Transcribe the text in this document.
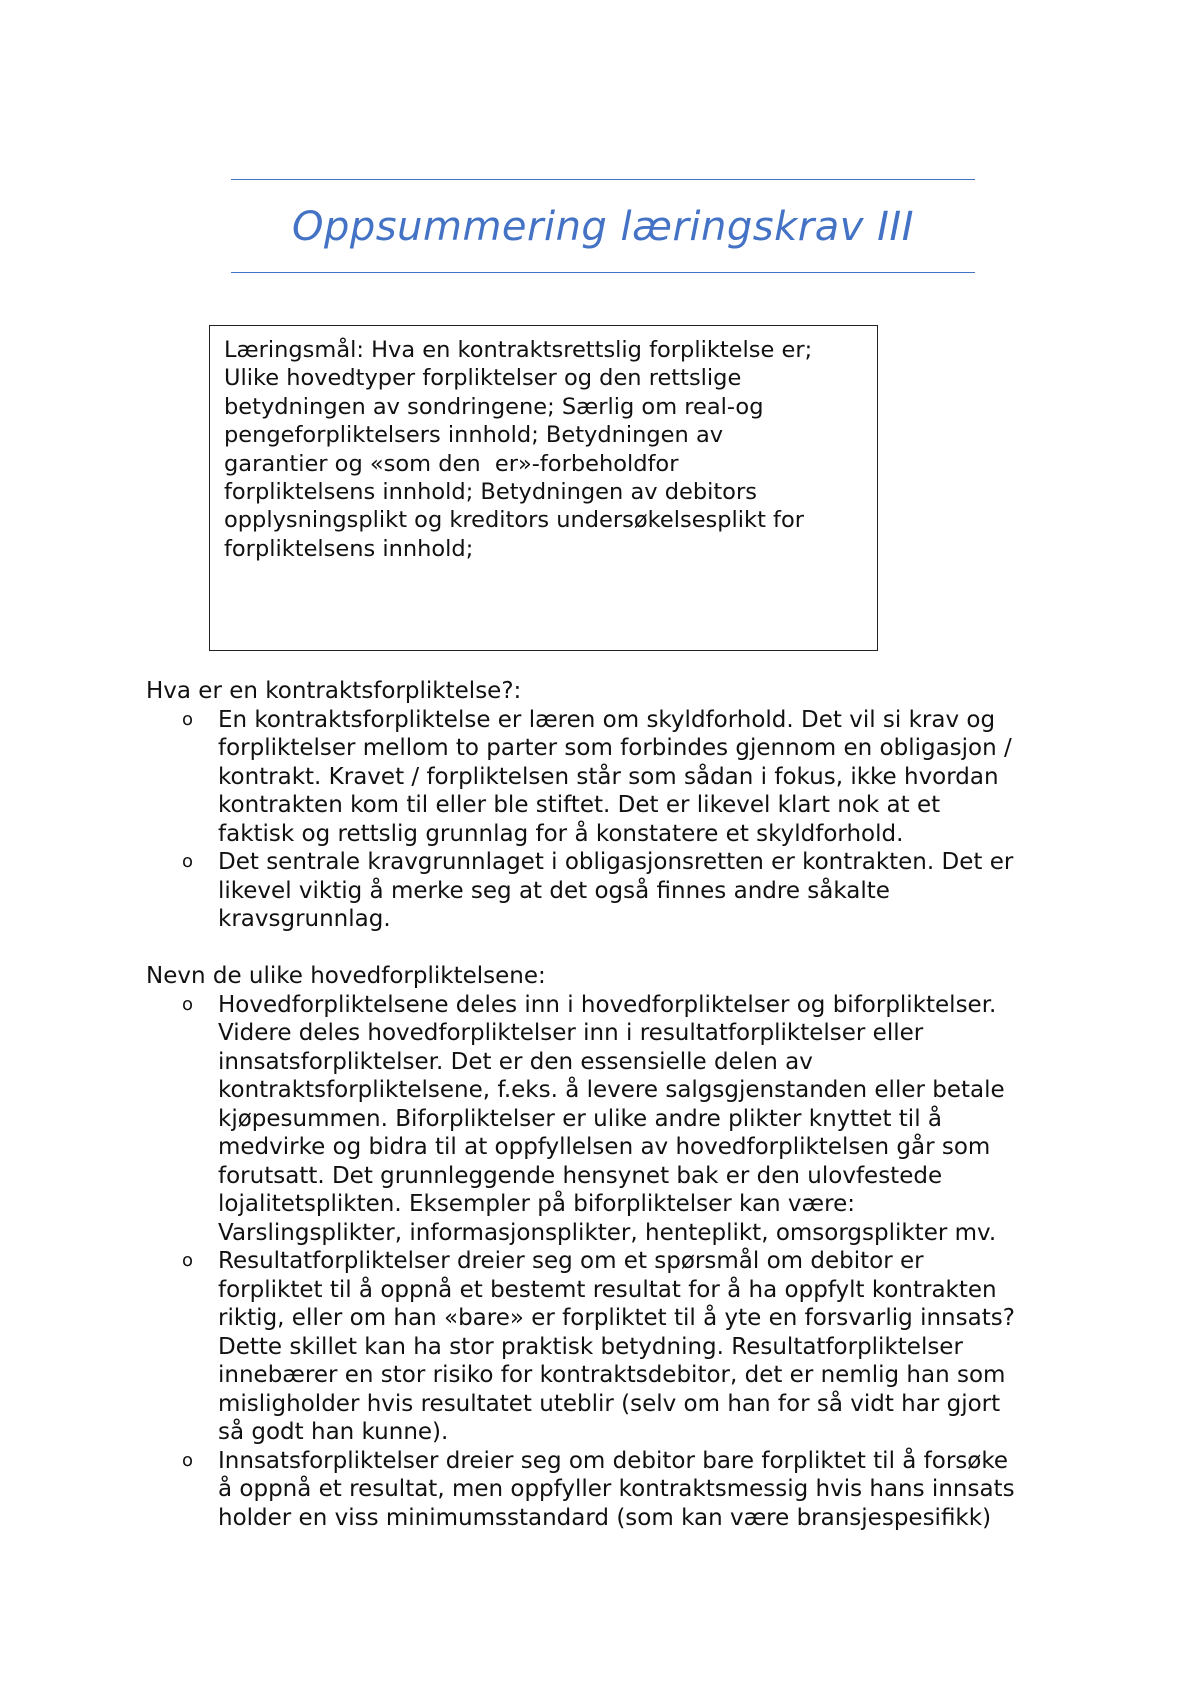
Oppsummering læringskrav III
Læringsmål: Hva en kontraktsrettslig forpliktelse er;
Ulike hovedtyper forpliktelser og den rettslige
betydningen av sondringene; Særlig om real-og
pengeforpliktelsers innhold; Betydningen av
garantier og «som den  er»-forbeholdfor
forpliktelsens innhold; Betydningen av debitors
opplysningsplikt og kreditors undersøkelsesplikt for
forpliktelsens innhold;
Hva er en kontraktsforpliktelse?:
o En kontraktsforpliktelse er læren om skyldforhold. Det vil si krav og
forpliktelser mellom to parter som forbindes gjennom en obligasjon /
kontrakt. Kravet / forpliktelsen står som sådan i fokus, ikke hvordan
kontrakten kom til eller ble stiftet. Det er likevel klart nok at et
faktisk og rettslig grunnlag for å konstatere et skyldforhold.
o Det sentrale kravgrunnlaget i obligasjonsretten er kontrakten. Det er
likevel viktig å merke seg at det også finnes andre såkalte
kravsgrunnlag.
Nevn de ulike hovedforpliktelsene:
o Hovedforpliktelsene deles inn i hovedforpliktelser og biforpliktelser.
Videre deles hovedforpliktelser inn i resultatforpliktelser eller
innsatsforpliktelser. Det er den essensielle delen av
kontraktsforpliktelsene, f.eks. å levere salgsgjenstanden eller betale
kjøpesummen. Biforpliktelser er ulike andre plikter knyttet til å
medvirke og bidra til at oppfyllelsen av hovedforpliktelsen går som
forutsatt. Det grunnleggende hensynet bak er den ulovfestede
lojalitetsplikten. Eksempler på biforpliktelser kan være:
Varslingsplikter, informasjonsplikter, henteplikt, omsorgsplikter mv.
o Resultatforpliktelser dreier seg om et spørsmål om debitor er
forpliktet til å oppnå et bestemt resultat for å ha oppfylt kontrakten
riktig, eller om han «bare» er forpliktet til å yte en forsvarlig innsats?
Dette skillet kan ha stor praktisk betydning. Resultatforpliktelser
innebærer en stor risiko for kontraktsdebitor, det er nemlig han som
misligholder hvis resultatet uteblir (selv om han for så vidt har gjort
så godt han kunne).
o Innsatsforpliktelser dreier seg om debitor bare forpliktet til å forsøke
å oppnå et resultat, men oppfyller kontraktsmessig hvis hans innsats
holder en viss minimumsstandard (som kan være bransjespesifikk)
